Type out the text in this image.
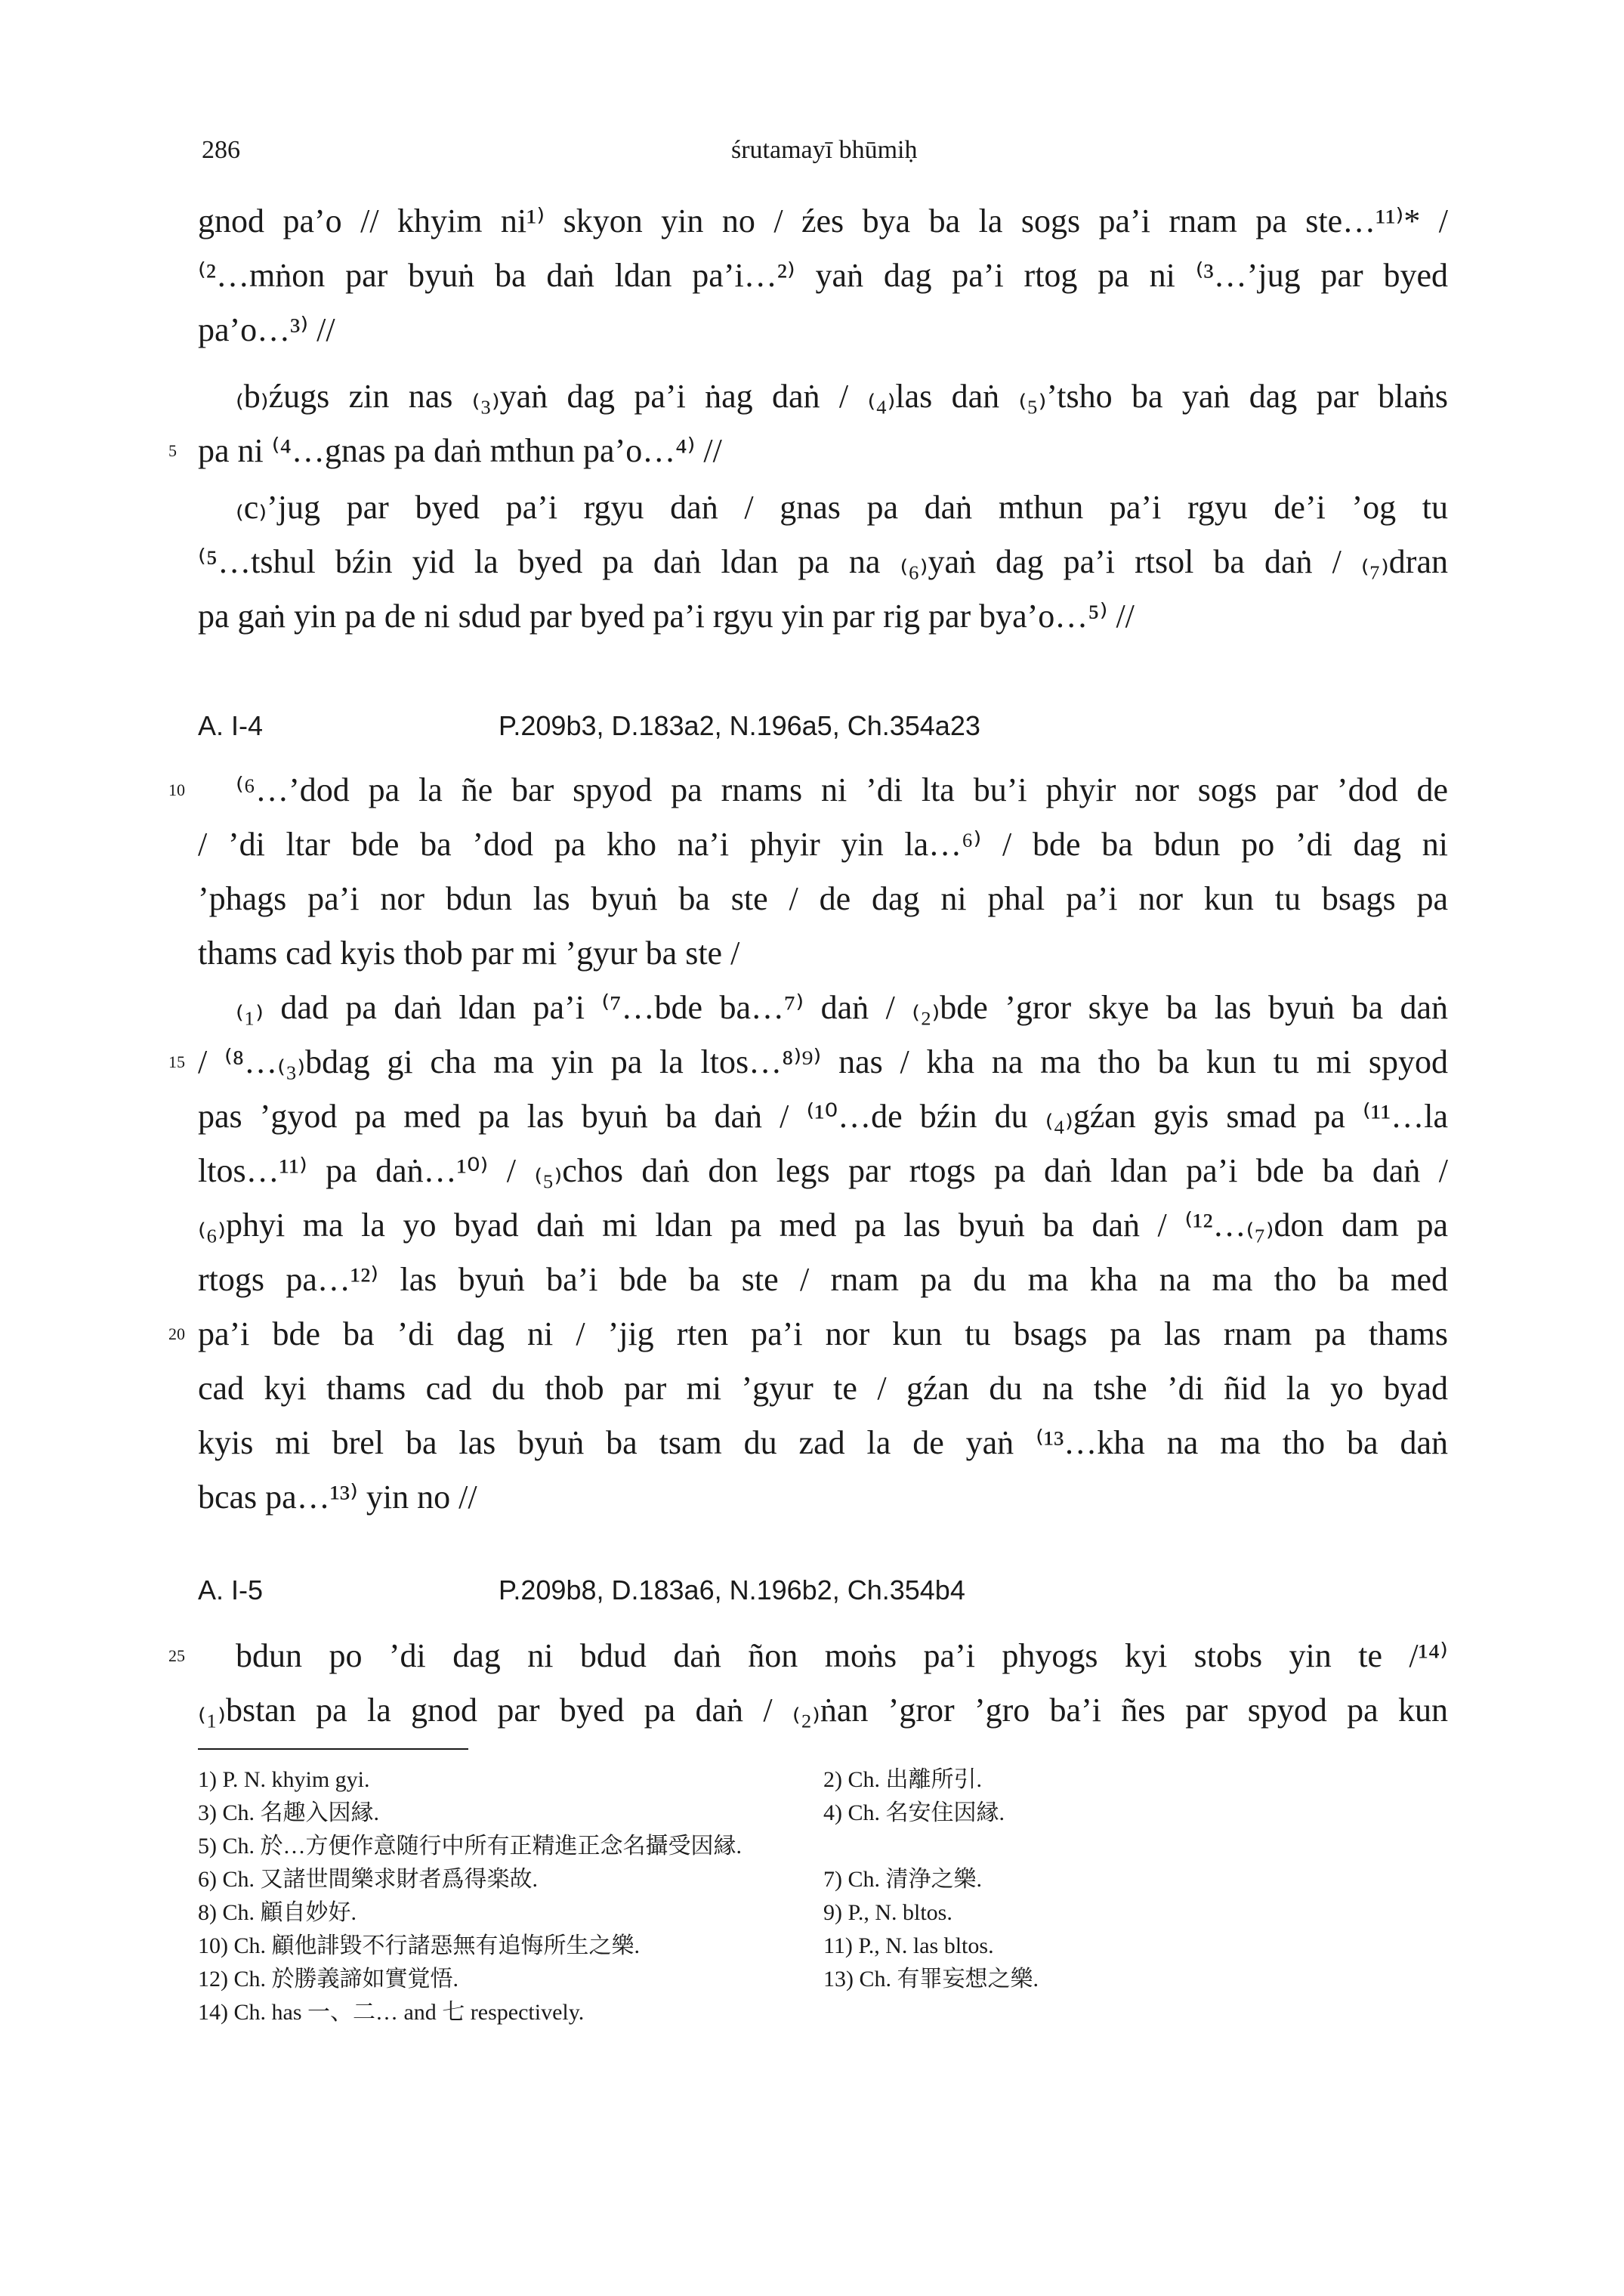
286	śrutamayī bhūmiḥ
gnod pa’o // khyim ni¹⁾ skyon yin no / źes bya ba la sogs pa’i rnam pa ste…¹¹⁾* /
⁽²…mṅon par byuṅ ba daṅ ldan pa’i…²⁾ yaṅ dag pa’i rtog pa ni ⁽³…’jug par byed
pa’o…³⁾ //
₍b₎źugs zin nas ₍₃₎yaṅ dag pa’i ṅag daṅ / ₍₄₎las daṅ ₍₅₎’tsho ba yaṅ dag par blaṅs
5 pa ni ⁽⁴…gnas pa daṅ mthun pa’o…⁴⁾ //
₍c₎’jug par byed pa’i rgyu daṅ / gnas pa daṅ mthun pa’i rgyu de’i ’og tu
⁽⁵…tshul bźin yid la byed pa daṅ ldan pa na ₍₆₎yaṅ dag pa’i rtsol ba daṅ / ₍₇₎dran
pa gaṅ yin pa de ni sdud par byed pa’i rgyu yin par rig par bya’o…⁵⁾ //
A. I-4	P.209b3, D.183a2, N.196a5, Ch.354a23
10 ⁽⁶…’dod pa la ñe bar spyod pa rnams ni ’di lta bu’i phyir nor sogs par ’dod de
/ ’di ltar bde ba ’dod pa kho na’i phyir yin la…⁶⁾ / bde ba bdun po ’di dag ni
’phags pa’i nor bdun las byuṅ ba ste / de dag ni phal pa’i nor kun tu bsags pa
thams cad kyis thob par mi ’gyur ba ste /
₍₁₎ dad pa daṅ ldan pa’i ⁽⁷…bde ba…⁷⁾ daṅ / ₍₂₎bde ’gror skye ba las byuṅ ba daṅ
15 / ⁽⁸…₍₃₎bdag gi cha ma yin pa la ltos…⁸⁾⁹⁾ nas / kha na ma tho ba kun tu mi spyod
pas ’gyod pa med pa las byuṅ ba daṅ / ⁽¹⁰…de bźin du ₍₄₎gźan gyis smad pa ⁽¹¹…la
ltos…¹¹⁾ pa daṅ…¹⁰⁾ / ₍₅₎chos daṅ don legs par rtogs pa daṅ ldan pa’i bde ba daṅ /
₍₆₎phyi ma la yo byad daṅ mi ldan pa med pa las byuṅ ba daṅ / ⁽¹²…₍₇₎don dam pa
rtogs pa…¹²⁾ las byuṅ ba’i bde ba ste / rnam pa du ma kha na ma tho ba med
20 pa’i bde ba ’di dag ni / ’jig rten pa’i nor kun tu bsags pa las rnam pa thams
cad kyi thams cad du thob par mi ’gyur te / gźan du na tshe ’di ñid la yo byad
kyis mi brel ba las byuṅ ba tsam du zad la de yaṅ ⁽¹³…kha na ma tho ba daṅ
bcas pa…¹³⁾ yin no //
A. I-5	P.209b8, D.183a6, N.196b2, Ch.354b4
25 bdun po ’di dag ni bdud daṅ ñon moṅs pa’i phyogs kyi stobs yin te /¹⁴⁾
₍₁₎bstan pa la gnod par byed pa daṅ / ₍₂₎ṅan ’gror ’gro ba’i ñes par spyod pa kun
1) P. N. khyim gyi.	2) Ch. 出離所引.
3) Ch. 名趣入因縁.	4) Ch. 名安住因縁.
5) Ch. 於…方便作意随行中所有正精進正念名攝受因縁.
6) Ch. 又諸世間樂求財者爲得楽故.	7) Ch. 清浄之樂.
8) Ch. 顧自妙好.	9) P., N. bltos.
10) Ch. 顧他誹毀不行諸惡無有追悔所生之樂.	11) P., N. las bltos.
12) Ch. 於勝義諦如實覚悟.	13) Ch. 有罪妄想之樂.
14) Ch. has 一、二… and 七 respectively.
